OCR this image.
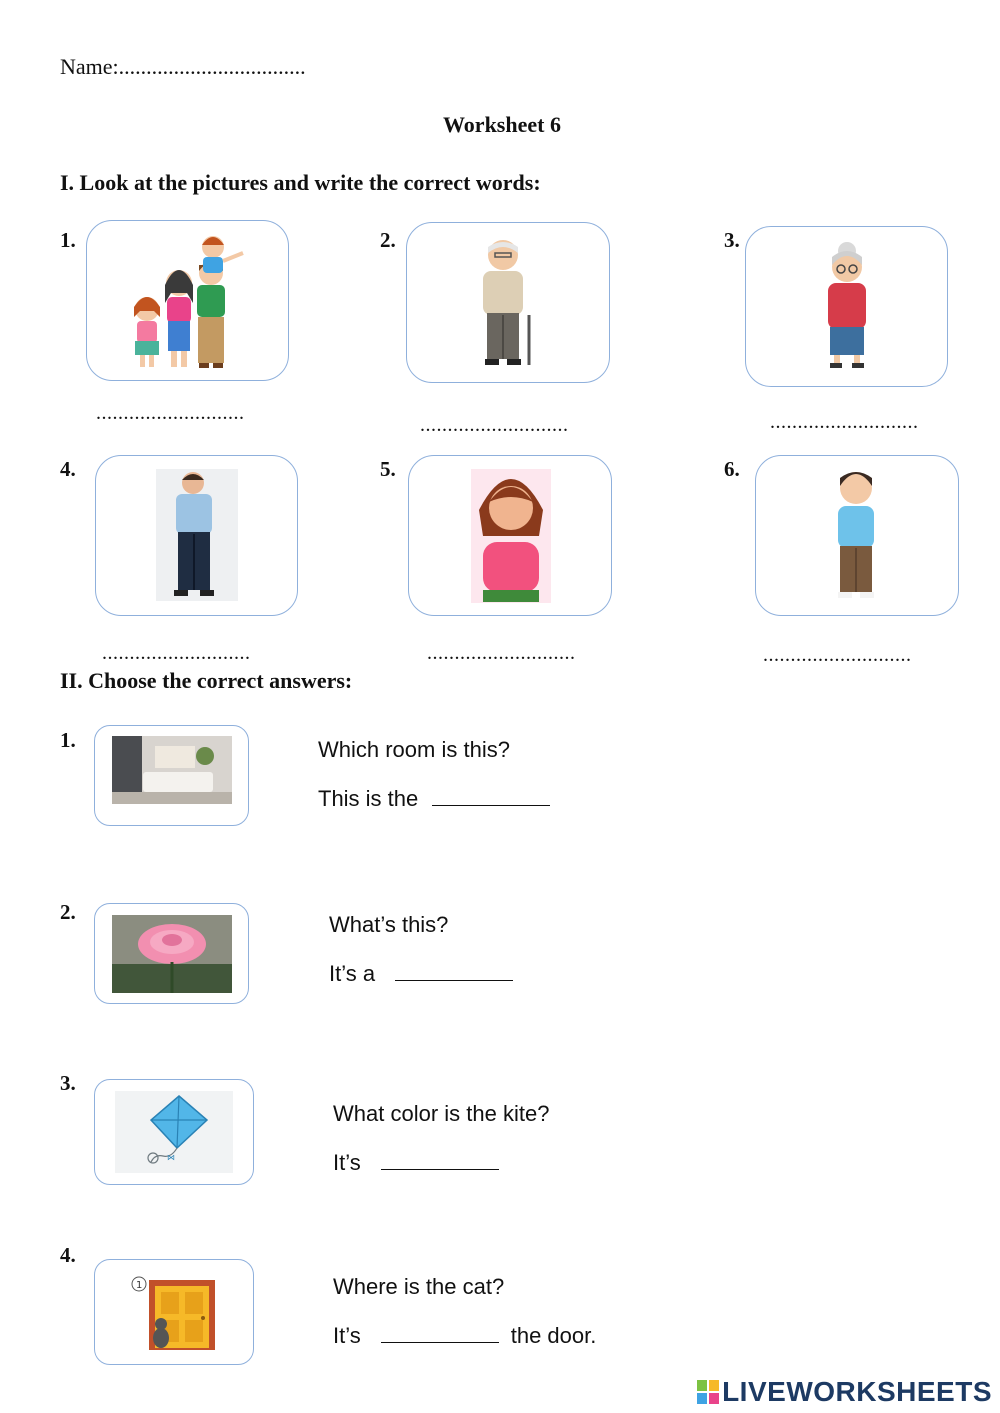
Name:..................................
Worksheet 6
I. Look at the pictures and write the correct words:
1.
...........................
2.
...........................
3.
...........................
4.
...........................
5.
...........................
6.
...........................
II. Choose the correct answers:
1.	Which room is this?
This is the
2.	What’s this?
It’s a
3.
⋈
What color is the kite?
It’s
4.
1	Where is the cat?
It’s	the door.
LIVEWORKSHEETS
